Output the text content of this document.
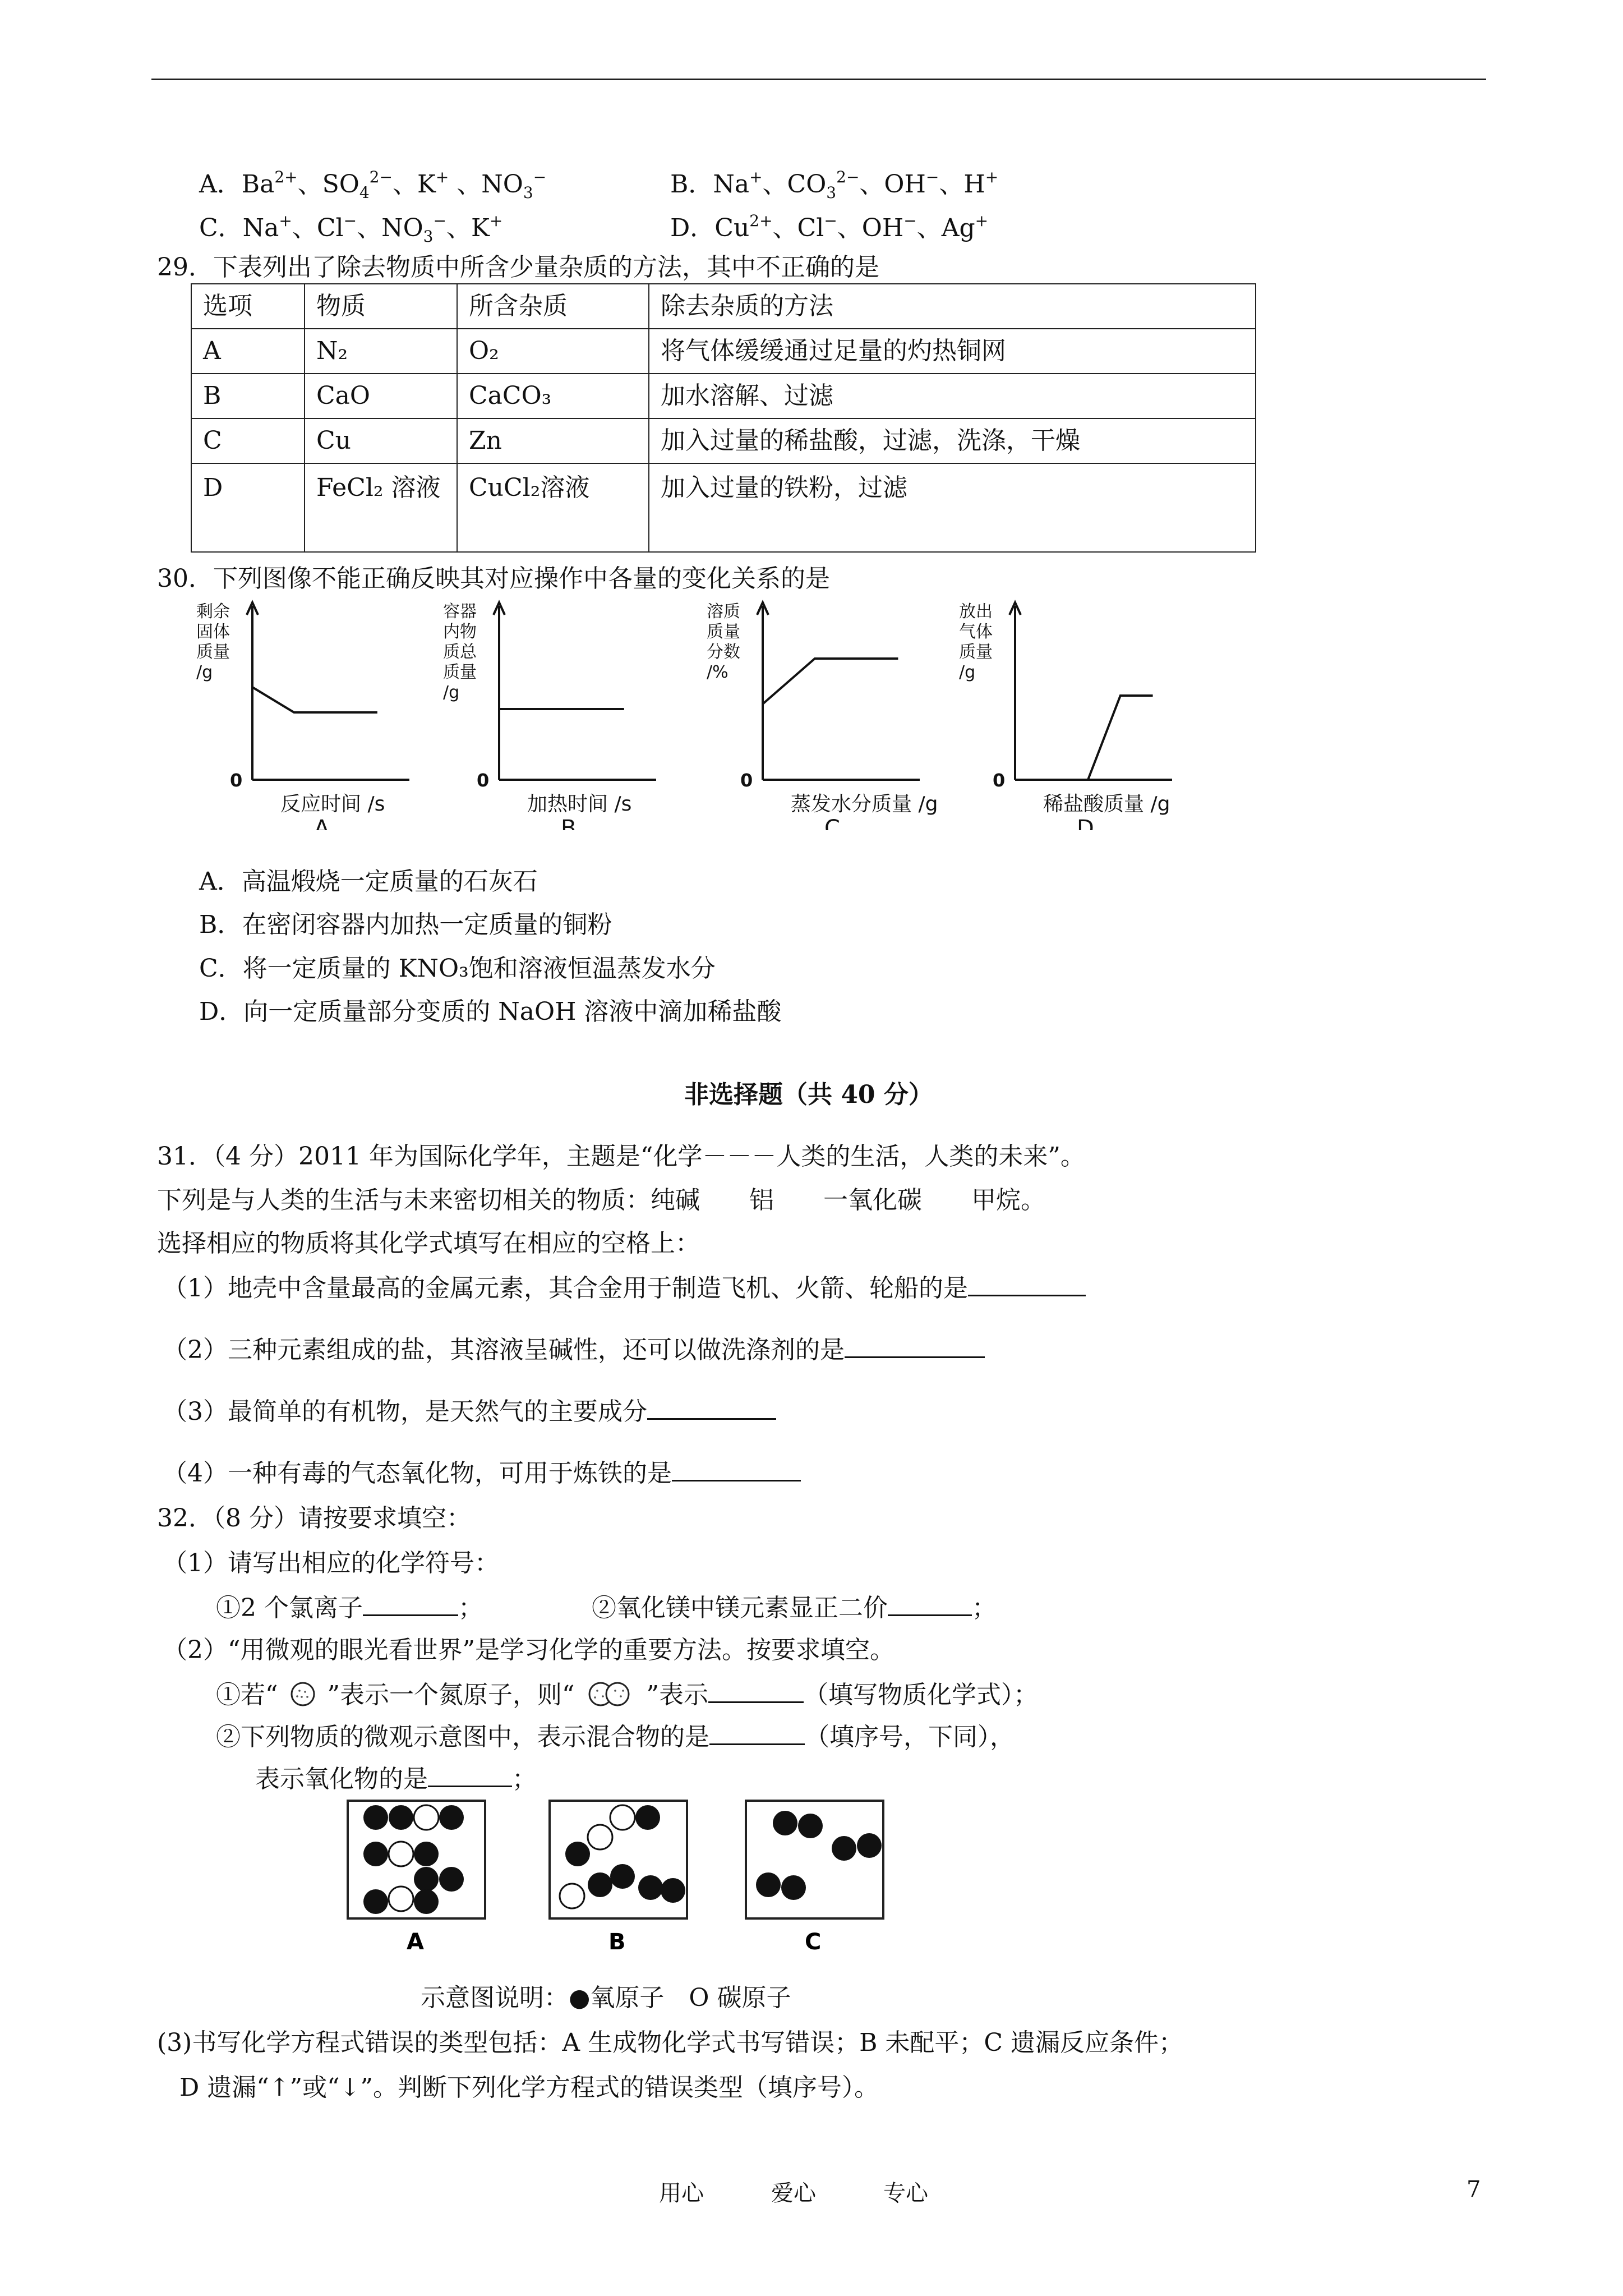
A．$Ba^{2+}$、$SO_4^{2-}$、K+ 、$NO_3^-$	B．Na+、$CO_3^{2-}$、OH−、H+
C．Na+、Cl−、$NO_3^-$、K+	D．$Cu^{2+}$、Cl−、OH−、Ag+
29．下表列出了除去物质中所含少量杂质的方法，其中不正确的是
选项	物质	所含杂质	除去杂质的方法
A	N₂	O₂	将气体缓缓通过足量的灼热铜网
B	CaO	CaCO₃	加水溶解、过滤
C	Cu	Zn	加入过量的稀盐酸，过滤，洗涤，干燥
D	FeCl₂ 溶液	CuCl₂溶液	加入过量的铁粉，过滤
30．下列图像不能正确反映其对应操作中各量的变化关系的是
剩余
固体
质量
/g
0
反应时间 /s
A
容器
内物
质总
质量
/g
0
加热时间 /s
B
溶质
质量
分数
/%
0
蒸发水分质量 /g
C
放出
气体
质量
/g
0
稀盐酸质量 /g
D
A．高温煅烧一定质量的石灰石
B．在密闭容器内加热一定质量的铜粉
C．将一定质量的 KNO₃饱和溶液恒温蒸发水分
D．向一定质量部分变质的 NaOH 溶液中滴加稀盐酸
非选择题（共 40 分）
31．（4 分）2011 年为国际化学年，主题是“化学－－－人类的生活，人类的未来”。
下列是与人类的生活与未来密切相关的物质：纯碱　　铝　　一氧化碳　　甲烷。
选择相应的物质将其化学式填写在相应的空格上：
（1）地壳中含量最高的金属元素，其合金用于制造飞机、火箭、轮船的是
（2）三种元素组成的盐，其溶液呈碱性，还可以做洗涤剂的是
（3）最简单的有机物，是天然气的主要成分
（4）一种有毒的气态氧化物，可用于炼铁的是
32．（8 分）请按要求填空：
（1）请写出相应的化学符号：
①2 个氯离子	；	②氧化镁中镁元素显正二价	；
（2）“用微观的眼光看世界”是学习化学的重要方法。按要求填空。
①若“ ”表示一个氮原子，则“	”表示	（填写物质化学式）；
②下列物质的微观示意图中，表示混合物的是	（填序号，下同），
表示氧化物的是	；
A	B	C
示意图说明：●氧原子　O 碳原子
(3)书写化学方程式错误的类型包括：A 生成物化学式书写错误；B 未配平；C 遗漏反应条件；
D 遗漏“↑”或“↓”。判断下列化学方程式的错误类型（填序号）。
用心　　　爱心　　　专心	7
